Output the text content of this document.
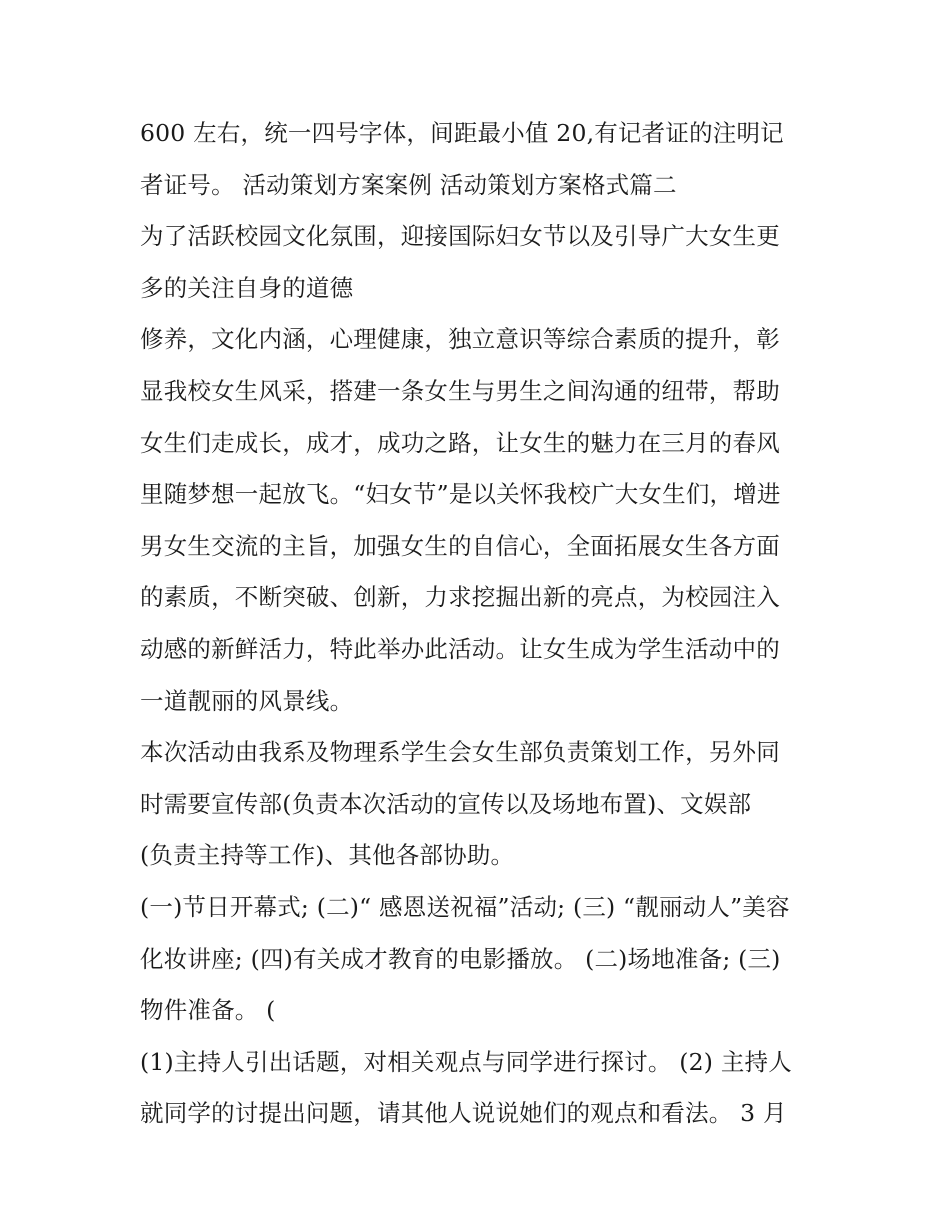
600 左右，统一四号字体，间距最小值 20,有记者证的注明记
者证号。 活动策划方案案例 活动策划方案格式篇二
为了活跃校园文化氛围，迎接国际妇女节以及引导广大女生更
多的关注自身的道德
修养，文化内涵，心理健康，独立意识等综合素质的提升，彰
显我校女生风采，搭建一条女生与男生之间沟通的纽带，帮助
女生们走成长，成才，成功之路，让女生的魅力在三月的春风
里随梦想一起放飞。“妇女节”是以关怀我校广大女生们，增进
男女生交流的主旨，加强女生的自信心，全面拓展女生各方面
的素质，不断突破、创新，力求挖掘出新的亮点，为校园注入
动感的新鲜活力，特此举办此活动。让女生成为学生活动中的
一道靓丽的风景线。
本次活动由我系及物理系学生会女生部负责策划工作，另外同
时需要宣传部(负责本次活动的宣传以及场地布置)、文娱部
(负责主持等工作)、其他各部协助。
(一)节日开幕式; (二)“ 感恩送祝福”活动; (三) “靓丽动人”美容
化妆讲座; (四)有关成才教育的电影播放。 (二)场地准备; (三)
物件准备。 (
(1)主持人引出话题，对相关观点与同学进行探讨。 (2) 主持人
就同学的讨提出问题，请其他人说说她们的观点和看法。 3 月
